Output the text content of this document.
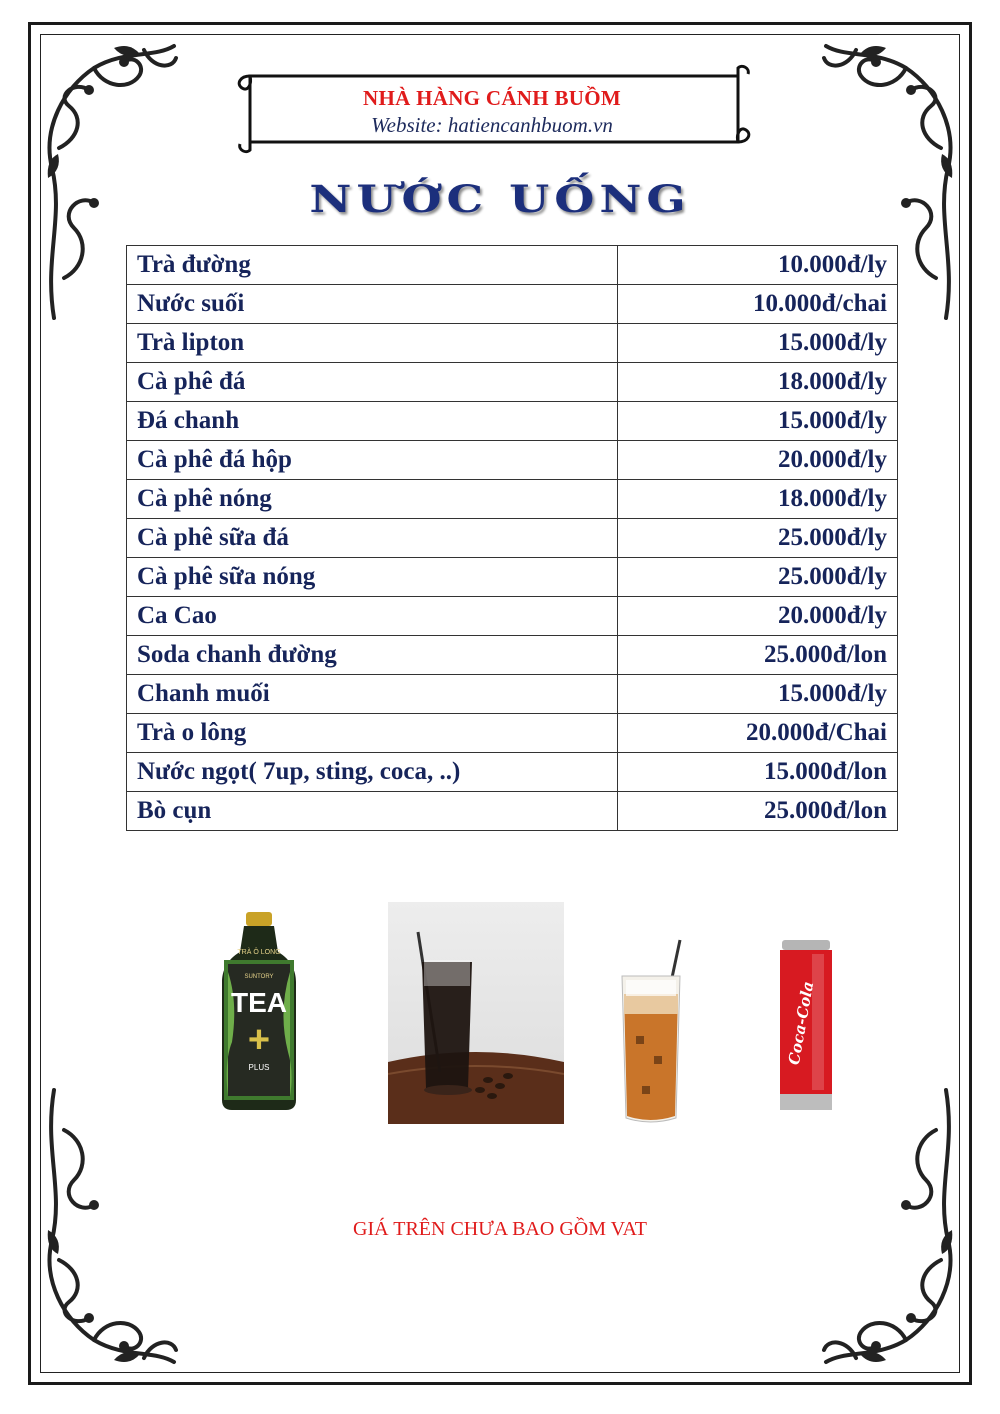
NHÀ HÀNG CÁNH BUỒM
Website: hatiencanhbuom.vn
NƯỚC UỐNG
Trà đường	10.000đ/ly
Nước suối	10.000đ/chai
Trà lipton	15.000đ/ly
Cà phê đá	18.000đ/ly
Đá chanh	15.000đ/ly
Cà phê đá hộp	20.000đ/ly
Cà phê nóng	18.000đ/ly
Cà phê sữa đá	25.000đ/ly
Cà phê sữa nóng	25.000đ/ly
Ca Cao	20.000đ/ly
Soda chanh đường	25.000đ/lon
Chanh muối	15.000đ/ly
Trà o lông	20.000đ/Chai
Nước ngọt( 7up, sting, coca, ..)	15.000đ/lon
Bò cụn	25.000đ/lon
TRÀ Ô LONG
SUNTORY
TEA
+
PLUS
Coca-Cola
GIÁ TRÊN CHƯA BAO GỒM VAT
